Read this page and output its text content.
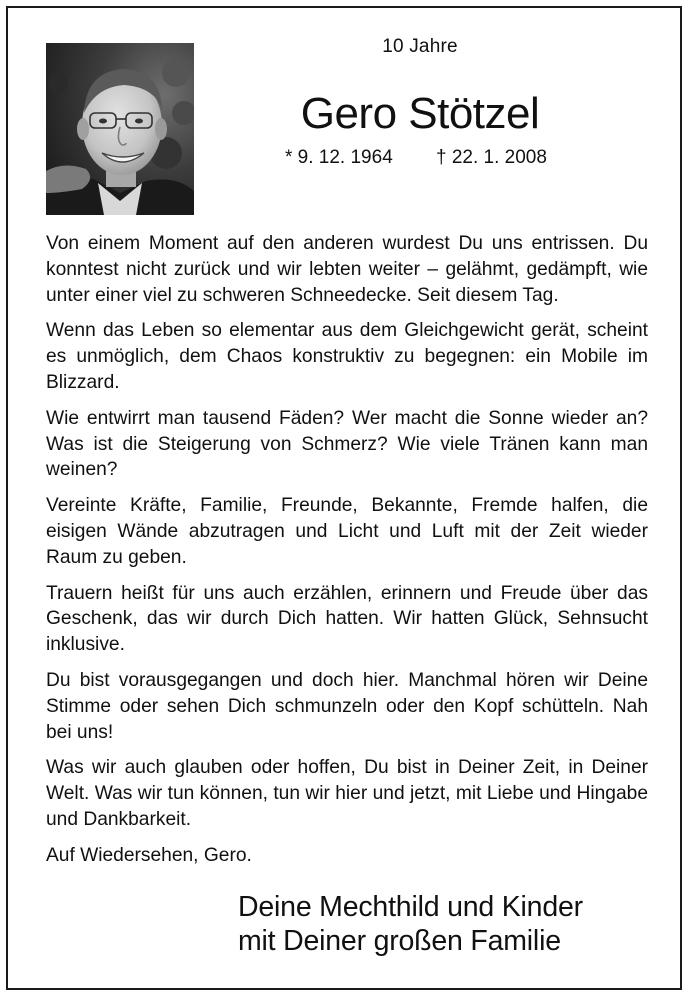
10 Jahre
Gero Stötzel
* 9. 12. 1964 † 22. 1. 2008

Von einem Moment auf den anderen wurdest Du uns entrissen. Du konntest nicht zurück und wir lebten weiter – gelähmt, gedämpft, wie unter einer viel zu schweren Schneedecke. Seit diesem Tag.

Wenn das Leben so elementar aus dem Gleichgewicht gerät, scheint es unmöglich, dem Chaos konstruktiv zu begegnen: ein Mobile im Blizzard.

Wie entwirrt man tausend Fäden? Wer macht die Sonne wieder an? Was ist die Steigerung von Schmerz? Wie viele Tränen kann man weinen?

Vereinte Kräfte, Familie, Freunde, Bekannte, Fremde halfen, die eisigen Wände abzutragen und Licht und Luft mit der Zeit wieder Raum zu geben.

Trauern heißt für uns auch erzählen, erinnern und Freude über das Geschenk, das wir durch Dich hatten. Wir hatten Glück, Sehnsucht inklusive.

Du bist vorausgegangen und doch hier. Manchmal hören wir Deine Stimme oder sehen Dich schmunzeln oder den Kopf schütteln. Nah bei uns!

Was wir auch glauben oder hoffen, Du bist in Deiner Zeit, in Deiner Welt. Was wir tun können, tun wir hier und jetzt, mit Liebe und Hingabe und Dankbarkeit.

Auf Wiedersehen, Gero.

Deine Mechthild und Kinder
mit Deiner großen Familie
